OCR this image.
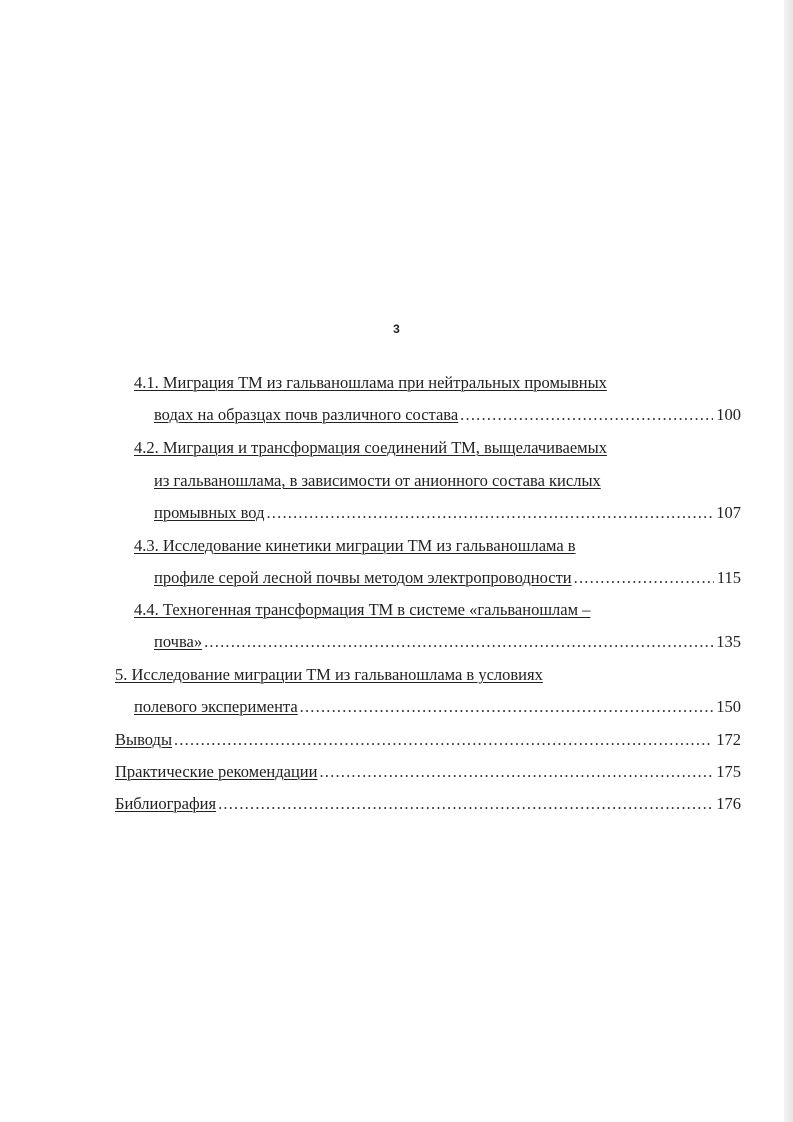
3
4.1. Миграция ТМ из гальваношлама при нейтральных промывных
водах на образцах почв различного состава .....	100
4.2. Миграция и трансформация соединений ТМ, выщелачиваемых
из гальваношлама, в зависимости от анионного состава кислых
промывных вод .....	107
4.3. Исследование кинетики миграции ТМ из гальваношлама в
профиле серой лесной почвы методом электропроводности .....	115
4.4. Техногенная трансформация ТМ в системе «гальваношлам –
почва» .....	135
5. Исследование миграции ТМ из гальваношлама в условиях
полевого эксперимента .....	150
Выводы .....	172
Практические рекомендации .....	175
Библиография .....	176
